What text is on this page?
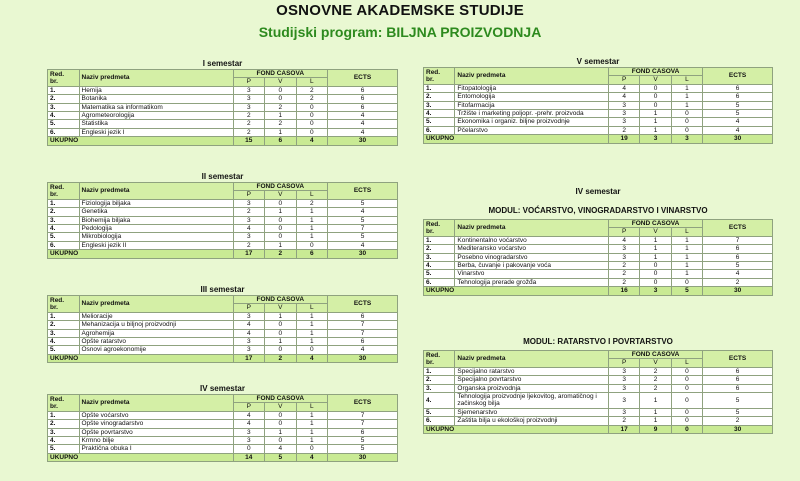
OSNOVNE AKADEMSKE STUDIJE
Studijski program: BILJNA PROIZVODNJA
I semestar
Red.
br.	Naziv predmeta	FOND ČASOVA			ECTS
		P	V	L	
1.	Hemija	3	0	2	6
2.	Botanika	3	0	2	6
3.	Matematika sa informatikom	3	2	0	6
4.	Agrometeorologija	2	1	0	4
5.	Statistika	2	2	0	4
6.	Engleski jezik I	2	1	0	4
UKUPNO		15	6	4	30
II semestar
Red.
br.	Naziv predmeta	FOND ČASOVA			ECTS
		P	V	L	
1.	Fiziologija biljaka	3	0	2	5
2.	Genetika	2	1	1	4
3.	Biohemija biljaka	3	0	1	5
4.	Pedologija	4	0	1	7
5.	Mikrobiologija	3	0	1	5
6.	Engleski jezik II	2	1	0	4
UKUPNO		17	2	6	30
III semestar
Red.
br.	Naziv predmeta	FOND ČASOVA			ECTS
		P	V	L	
1.	Melioracije	3	1	1	6
2.	Mehanizacija u biljnoj proizvodnji	4	0	1	7
3.	Agrohemija	4	0	1	7
4.	Opšte ratarstvo	3	1	1	6
5.	Osnovi agroekonomije	3	0	0	4
UKUPNO		17	2	4	30
IV semestar
Red.
br.	Naziv predmeta	FOND ČASOVA			ECTS
		P	V	L	
1.	Opšte voćarstvo	4	0	1	7
2.	Opšte vinogradarstvo	4	0	1	7
3.	Opšte povrtarstvo	3	1	1	6
4.	Krmno bilje	3	0	1	5
5.	Praktična obuka I	0	4	0	5
UKUPNO		14	5	4	30
V semestar
Red.
br.	Naziv predmeta	FOND ČASOVA			ECTS
		P	V	L	
1.	Fitopatologija	4	0	1	6
2.	Entomologija	4	0	1	6
3.	Fitofarmacija	3	0	1	5
4.	Tržište i marketing poljopr. -prehr. proizvoda	3	1	0	5
5.	Ekonomika i organiz. biljne proizvodnje	3	1	0	4
6.	Pčelarstvo	2	1	0	4
UKUPNO		19	3	3	30
IV semestar
MODUL: VOĆARSTVO, VINOGRADARSTVO I VINARSTVO
Red.
br.	Naziv predmeta	FOND ČASOVA			ECTS
		P	V	L	
1.	Kontinentalno voćarstvo	4	1	1	7
2.	Mediteransko voćarstvo	3	1	1	6
3.	Posebno vinogradarstvo	3	1	1	6
4.	Berba, čuvanje i pakovanje voća	2	0	1	5
5.	Vinarstvo	2	0	1	4
6.	Tehnologija prerade grožđa	2	0	0	2
UKUPNO		16	3	5	30
MODUL: RATARSTVO I POVRTARSTVO
Red.
br.	Naziv predmeta	FOND ČASOVA			ECTS
		P	V	L	
1.	Specijalno ratarstvo	3	2	0	6
2.	Specijalno povrtarstvo	3	2	0	6
3.	Organska proizvodnja	3	2	0	6
4.	Tehnologija proizvodnje ljekovitog, aromatičnog i začinskog bilja	3	1	0	5
5.	Sjemenarstvo	3	1	0	5
6.	Zaštita bilja u ekološkoj proizvodnji	2	1	0	2
UKUPNO		17	9	0	30
